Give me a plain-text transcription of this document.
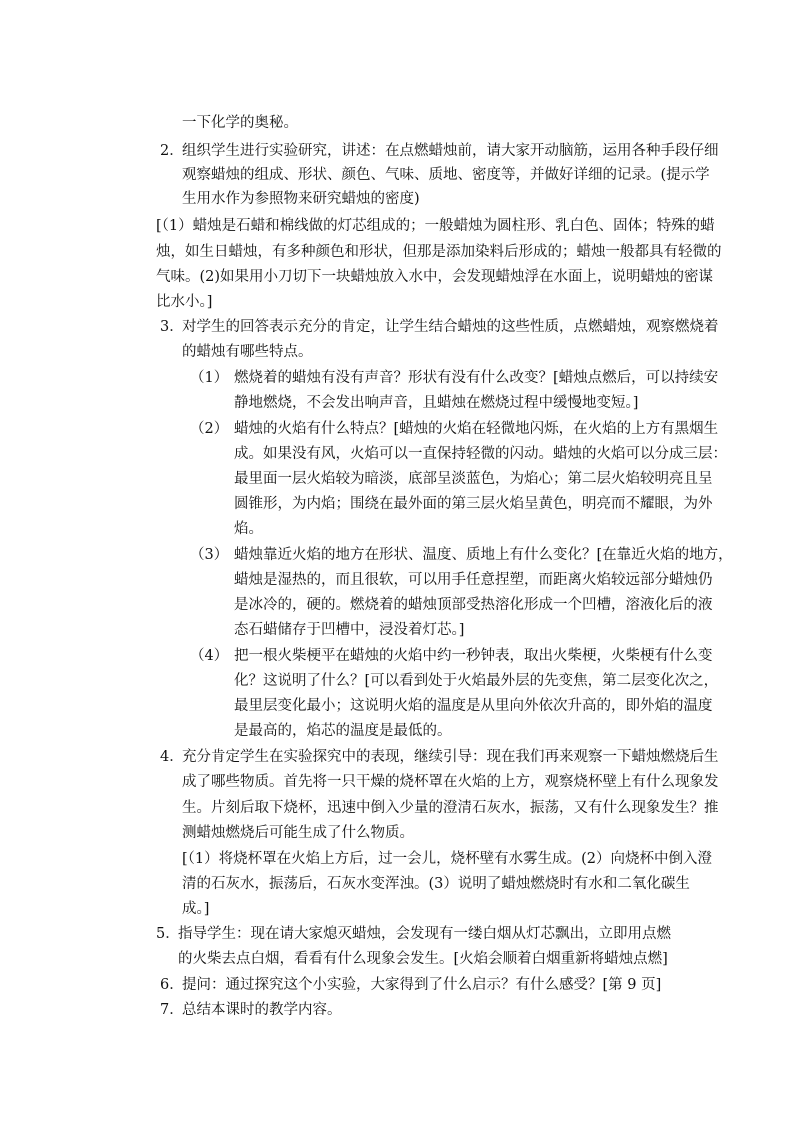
一下化学的奥秘。
2．
组织学生进行实验研究，讲述：在点燃蜡烛前，请大家开动脑筋，运用各种手段仔细
观察蜡烛的组成、形状、颜色、气味、质地、密度等，并做好详细的记录。(提示学
生用水作为参照物来研究蜡烛的密度)
[（1）蜡烛是石蜡和棉线做的灯芯组成的；一般蜡烛为圆柱形、乳白色、固体；特殊的蜡
烛，如生日蜡烛，有多种颜色和形状，但那是添加染料后形成的；蜡烛一般都具有轻微的
气味。(2)如果用小刀切下一块蜡烛放入水中，会发现蜡烛浮在水面上，说明蜡烛的密谋
比水小。]
3．
对学生的回答表示充分的肯定，让学生结合蜡烛的这些性质，点燃蜡烛，观察燃烧着
的蜡烛有哪些特点。
（1） 燃烧着的蜡烛有没有声音？形状有没有什么改变？[蜡烛点燃后，可以持续安
静地燃烧，不会发出响声音，且蜡烛在燃烧过程中缓慢地变短。]
（2） 蜡烛的火焰有什么特点？[蜡烛的火焰在轻微地闪烁，在火焰的上方有黑烟生
成。如果没有风，火焰可以一直保持轻微的闪动。蜡烛的火焰可以分成三层：
最里面一层火焰较为暗淡，底部呈淡蓝色，为焰心；第二层火焰较明亮且呈
圆锥形，为内焰；围绕在最外面的第三层火焰呈黄色，明亮而不耀眼，为外
焰。
（3） 蜡烛靠近火焰的地方在形状、温度、质地上有什么变化？[在靠近火焰的地方，
蜡烛是湿热的，而且很软，可以用手任意捏塑，而距离火焰较远部分蜡烛仍
是冰冷的，硬的。燃烧着的蜡烛顶部受热溶化形成一个凹槽，溶液化后的液
态石蜡储存于凹槽中，浸没着灯芯。]
（4） 把一根火柴梗平在蜡烛的火焰中约一秒钟表，取出火柴梗，火柴梗有什么变
化？这说明了什么？[可以看到处于火焰最外层的先变焦，第二层变化次之，
最里层变化最小；这说明火焰的温度是从里向外依次升高的，即外焰的温度
是最高的，焰芯的温度是最低的。
4．
充分肯定学生在实验探究中的表现，继续引导：现在我们再来观察一下蜡烛燃烧后生
成了哪些物质。首先将一只干燥的烧杯罩在火焰的上方，观察烧杯壁上有什么现象发
生。片刻后取下烧杯，迅速中倒入少量的澄清石灰水，振荡，又有什么现象发生？推
测蜡烛燃烧后可能生成了什么物质。
[（1）将烧杯罩在火焰上方后，过一会儿，烧杯壁有水雾生成。(2）向烧杯中倒入澄
清的石灰水，振荡后，石灰水变浑浊。(3）说明了蜡烛燃烧时有水和二氧化碳生
成。]
5．
指导学生：现在请大家熄灭蜡烛，会发现有一缕白烟从灯芯飘出，立即用点燃
的火柴去点白烟，看看有什么现象会发生。[火焰会顺着白烟重新将蜡烛点燃]
6．
提问：通过探究这个小实验，大家得到了什么启示？有什么感受？[第 9 页]
7．
总结本课时的教学内容。
